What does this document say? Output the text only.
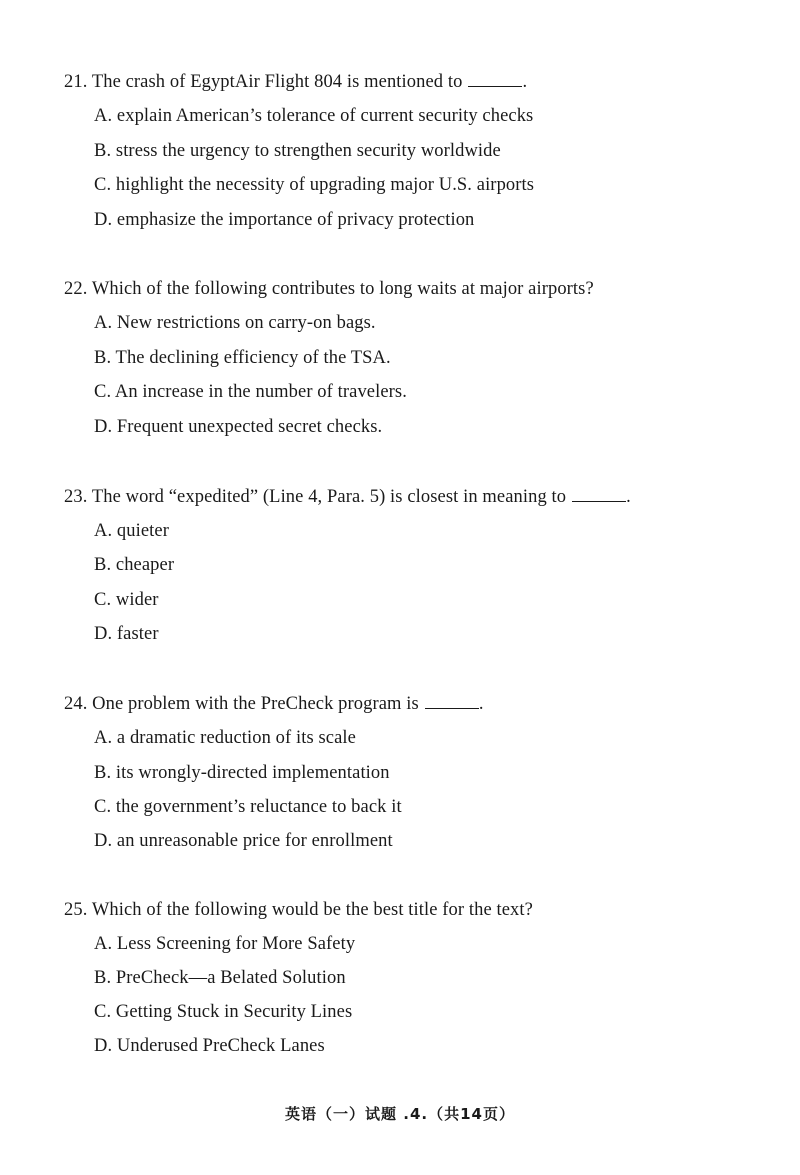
21. The crash of EgyptAir Flight 804 is mentioned to	.
A. explain American’s tolerance of current security checks
B. stress the urgency to strengthen security worldwide
C. highlight the necessity of upgrading major U.S. airports
D. emphasize the importance of privacy protection
22. Which of the following contributes to long waits at major airports?
A. New restrictions on carry-on bags.
B. The declining efficiency of the TSA.
C. An increase in the number of travelers.
D. Frequent unexpected secret checks.
23. The word “expedited” (Line 4, Para. 5) is closest in meaning to	.
A. quieter
B. cheaper
C. wider
D. faster
24. One problem with the PreCheck program is	.
A. a dramatic reduction of its scale
B. its wrongly-directed implementation
C. the government’s reluctance to back it
D. an unreasonable price for enrollment
25. Which of the following would be the best title for the text?
A. Less Screening for More Safety
B. PreCheck—a Belated Solution
C. Getting Stuck in Security Lines
D. Underused PreCheck Lanes
英语（一）试题 .4.（共14页）
